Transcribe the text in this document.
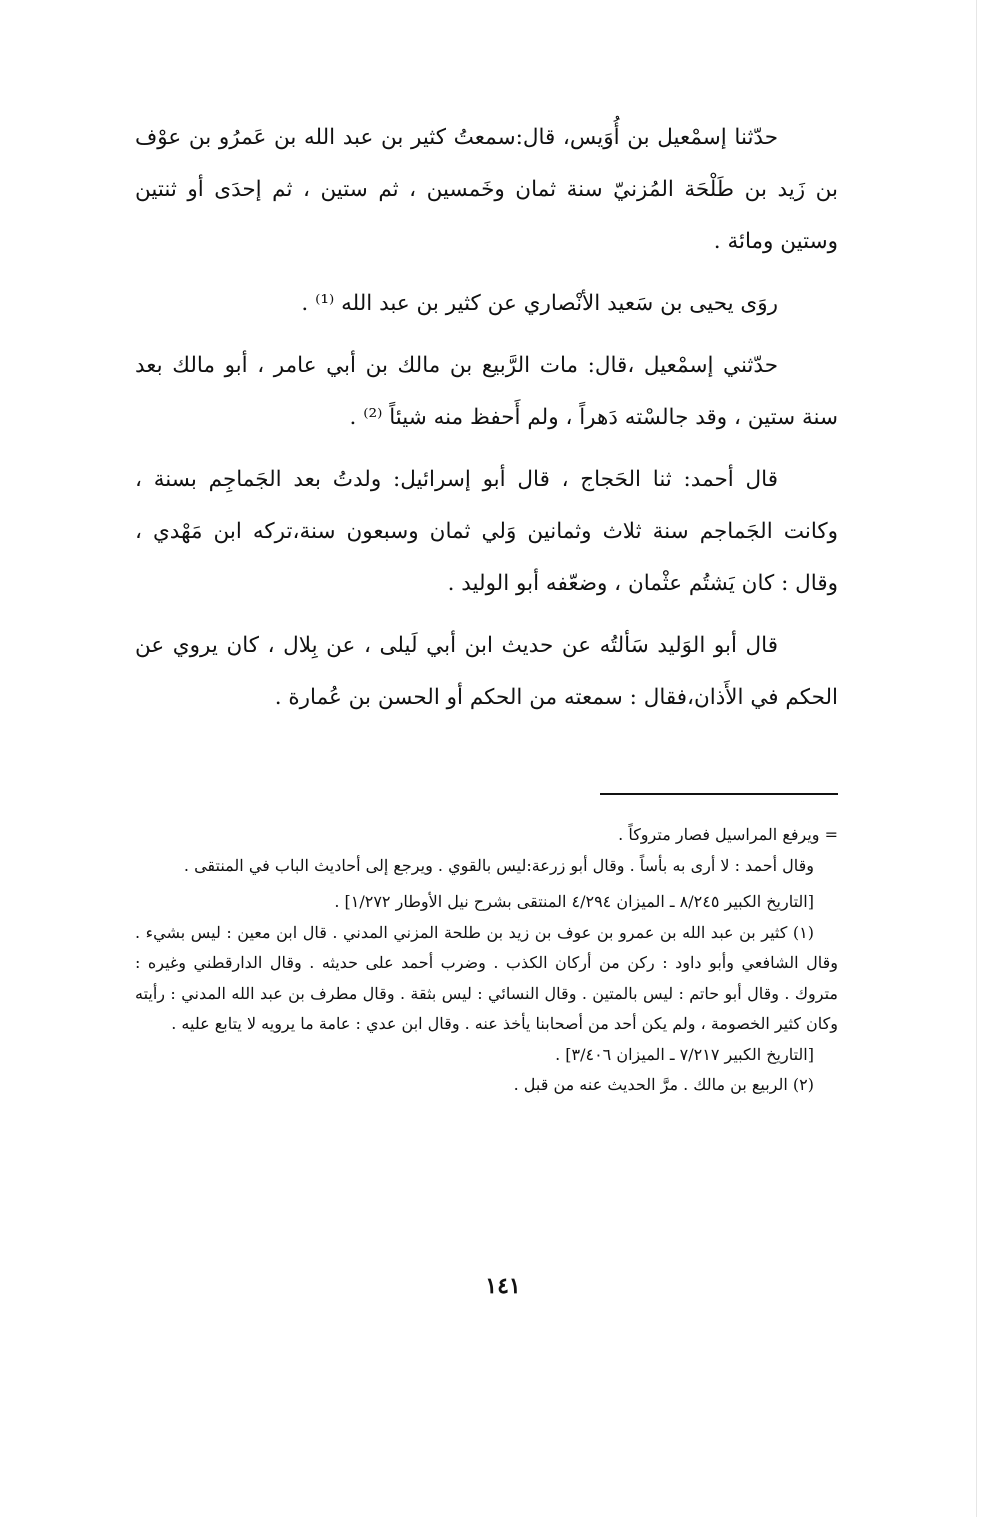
حدّثنا إسمْعيل بن أُوَيس، قال:سمعتُ كثير بن عبد الله بن عَمرُو بن عوْف بن زَيد بن طَلْحَة المُزنيّ سنة ثمان وخَمسين ، ثم ستين ، ثم إحدَى أو ثنتين وستين ومائة .

روَى يحيى بن سَعيد الأنْصاري عن كثير بن عبد الله ⁽¹⁾ .

حدّثني إسمْعيل ،قال: مات الرَّبيع بن مالك بن أبي عامر ، أبو مالك بعد سنة ستين ، وقد جالسْته دَهراً ، ولم أَحفظ منه شيئاً ⁽²⁾ .

قال أحمد: ثنا الحَجاج ، قال أبو إسرائيل: ولدتُ بعد الجَماجِم بسنة ، وكانت الجَماجم سنة ثلاث وثمانين وَلي ثمان وسبعون سنة،تركه ابن مَهْدي ، وقال : كان يَشتُم عثْمان ، وضعّفه أبو الوليد .

قال أبو الوَليد سَألتُه عن حديث ابن أبي لَيلى ، عن بِلال ، كان يروي عن الحكم في الأَذان،فقال : سمعته من الحكم أو الحسن بن عُمارة .

= ويرفع المراسيل فصار متروكاً .

وقال أحمد : لا أرى به بأساً . وقال أبو زرعة:ليس بالقوي . ويرجع إلى أحاديث الباب في المنتقى .

[التاريخ الكبير ٨/٢٤٥ ـ الميزان ٤/٢٩٤ المنتقى بشرح نيل الأوطار ١/٢٧٢] .

(١) كثير بن عبد الله بن عمرو بن عوف بن زيد بن طلحة المزني المدني . قال ابن معين : ليس بشيء . وقال الشافعي وأبو داود : ركن من أركان الكذب . وضرب أحمد على حديثه . وقال الدارقطني وغيره : متروك . وقال أبو حاتم : ليس بالمتين . وقال النسائي : ليس بثقة . وقال مطرف بن عبد الله المدني : رأيته وكان كثير الخصومة ، ولم يكن أحد من أصحابنا يأخذ عنه . وقال ابن عدي : عامة ما يرويه لا يتابع عليه .

[التاريخ الكبير ٧/٢١٧ ـ الميزان ٣/٤٠٦] .

(٢) الربيع بن مالك . مرَّ الحديث عنه من قبل .

١٤١
